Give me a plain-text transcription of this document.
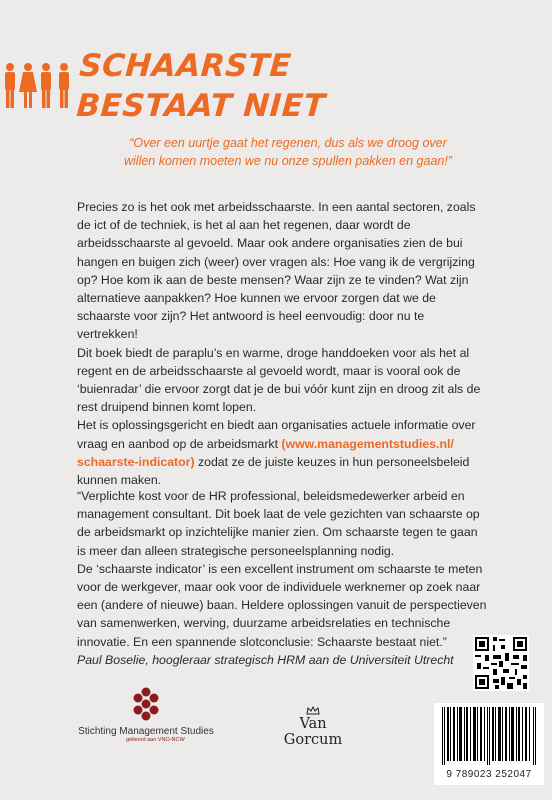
SCHAARSTE
BESTAAT NIET
“Over een uurtje gaat het regenen, dus als we droog over
willen komen moeten we nu onze spullen pakken en gaan!”

Precies zo is het ook met arbeidsschaarste. In een aantal sectoren, zoals de ict of de techniek, is het al aan het regenen, daar wordt de arbeidsschaarste al gevoeld. Maar ook andere organisaties zien de bui hangen en buigen zich (weer) over vragen als: Hoe vang ik de vergrijzing op? Hoe kom ik aan de beste mensen? Waar zijn ze te vinden? Wat zijn alternatieve aanpakken? Hoe kunnen we ervoor zorgen dat we de schaarste voor zijn? Het antwoord is heel eenvoudig: door nu te vertrekken!

Dit boek biedt de paraplu’s en warme, droge handdoeken voor als het al regent en de arbeidsschaarste al gevoeld wordt, maar is vooral ook de ‘buienradar’ die ervoor zorgt dat je de bui vóór kunt zijn en droog zit als de rest druipend binnen komt lopen.

Het is oplossingsgericht en biedt aan organisaties actuele informatie over vraag en aanbod op de arbeidsmarkt (www.managementstudies.nl/ schaarste-indicator) zodat ze de juiste keuzes in hun personeelsbeleid kunnen maken.

“Verplichte kost voor de HR professional, beleidsmedewerker arbeid en management consultant. Dit boek laat de vele gezichten van schaarste op de arbeidsmarkt op inzichtelijke manier zien. Om schaarste tegen te gaan is meer dan alleen strategische personeelsplanning nodig.

De ‘schaarste indicator’ is een excellent instrument om schaarste te meten voor de werkgever, maar ook voor de individuele werknemer op zoek naar een (andere of nieuwe) baan. Heldere oplossingen vanuit de perspectieven van samenwerken, werving, duurzame arbeidsrelaties en technische innovatie. En een spannende slotconclusie: Schaarste bestaat niet.”

Paul Boselie, hoogleraar strategisch HRM aan de Universiteit Utrecht

Stichting Management Studies
gelieerd aan VNO-NCW
Van Gorcum
9 789023 252047
